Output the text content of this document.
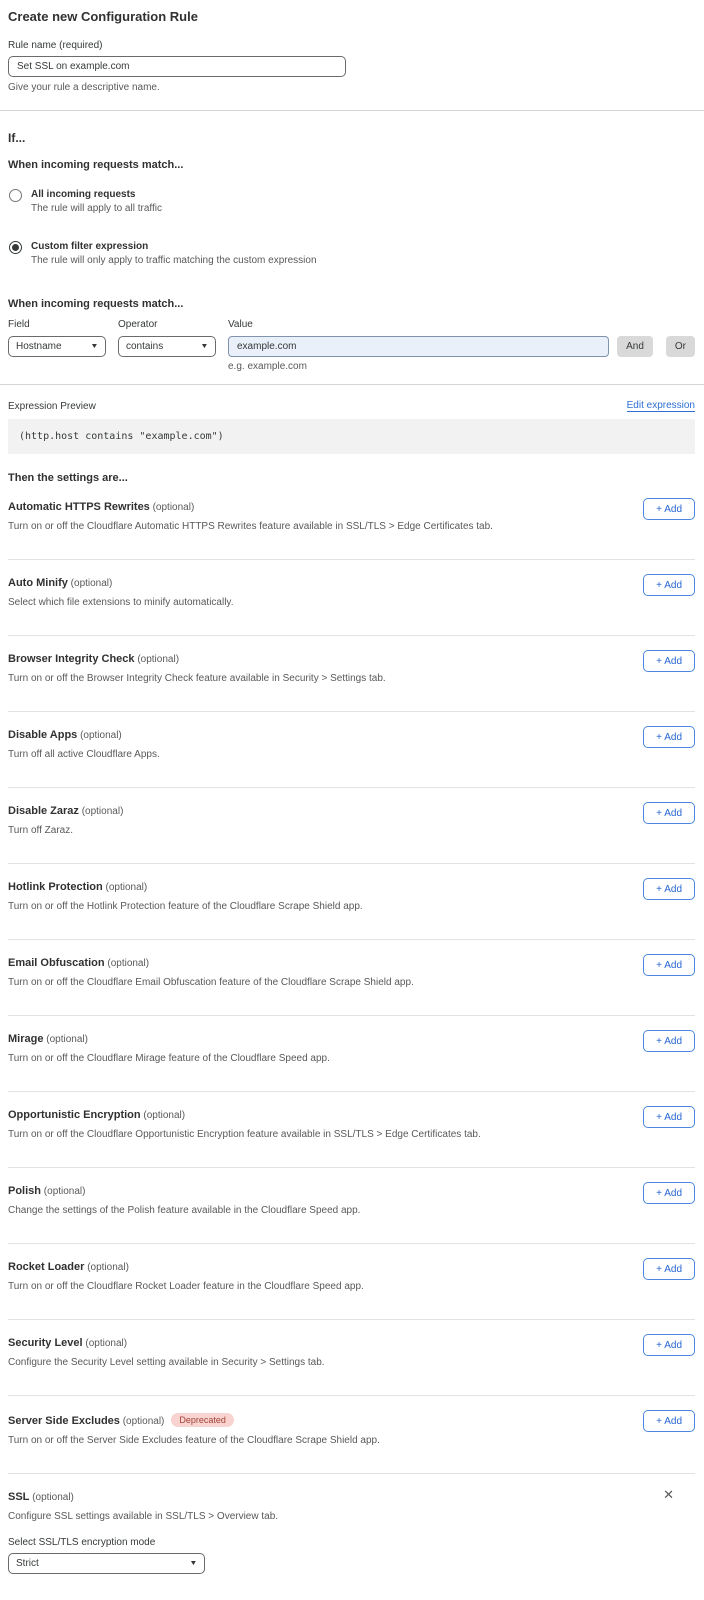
Create new Configuration Rule
Rule name (required)
Set SSL on example.com
Give your rule a descriptive name.
If...
When incoming requests match...
All incoming requests
The rule will apply to all traffic
Custom filter expression
The rule will only apply to traffic matching the custom expression
When incoming requests match...
Field
Hostname	▼
Operator
contains	▼
Value
example.com
e.g. example.com
And	Or
Expression Preview	Edit expression
(http.host contains "example.com")
Then the settings are...
Automatic HTTPS Rewrites (optional)
Turn on or off the Cloudflare Automatic HTTPS Rewrites feature available in SSL/TLS > Edge Certificates tab.
+ Add
Auto Minify (optional)
Select which file extensions to minify automatically.
+ Add
Browser Integrity Check (optional)
Turn on or off the Browser Integrity Check feature available in Security > Settings tab.
+ Add
Disable Apps (optional)
Turn off all active Cloudflare Apps.
+ Add
Disable Zaraz (optional)
Turn off Zaraz.
+ Add
Hotlink Protection (optional)
Turn on or off the Hotlink Protection feature of the Cloudflare Scrape Shield app.
+ Add
Email Obfuscation (optional)
Turn on or off the Cloudflare Email Obfuscation feature of the Cloudflare Scrape Shield app.
+ Add
Mirage (optional)
Turn on or off the Cloudflare Mirage feature of the Cloudflare Speed app.
+ Add
Opportunistic Encryption (optional)
Turn on or off the Cloudflare Opportunistic Encryption feature available in SSL/TLS > Edge Certificates tab.
+ Add
Polish (optional)
Change the settings of the Polish feature available in the Cloudflare Speed app.
+ Add
Rocket Loader (optional)
Turn on or off the Cloudflare Rocket Loader feature in the Cloudflare Speed app.
+ Add
Security Level (optional)
Configure the Security Level setting available in Security > Settings tab.
+ Add
Server Side Excludes (optional) Deprecated
Turn on or off the Server Side Excludes feature of the Cloudflare Scrape Shield app.
+ Add
SSL (optional)
Configure SSL settings available in SSL/TLS > Overview tab.
✕
Select SSL/TLS encryption mode
Strict	▼
